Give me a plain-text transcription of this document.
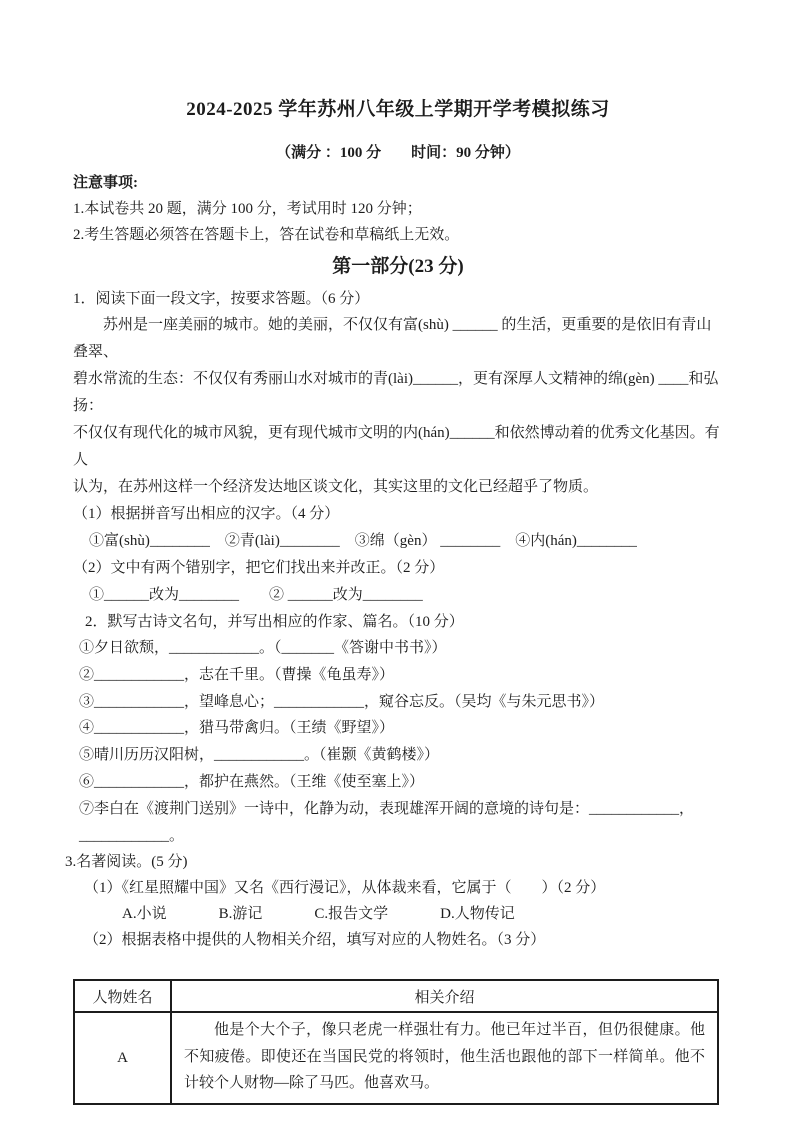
2024-2025 学年苏州八年级上学期开学考模拟练习
（满分 ：100 分　　时间：90 分钟）
注意事项:
1.本试卷共 20 题，满分 100 分，考试用时 120 分钟；
2.考生答题必须答在答题卡上，答在试卷和草稿纸上无效。
第一部分(23 分)
1．阅读下面一段文字，按要求答题。（6 分）
苏州是一座美丽的城市。她的美丽，不仅仅有富(shù) ______ 的生活，更重要的是依旧有青山叠翠、
碧水常流的生态：不仅仅有秀丽山水对城市的青(lài)______，更有深厚人文精神的绵(gèn) ____和弘扬：
不仅仅有现代化的城市风貌，更有现代城市文明的内(hán)______和依然博动着的优秀文化基因。有人
认为，在苏州这样一个经济发达地区谈文化，其实这里的文化已经超乎了物质。
（1）根据拼音写出相应的汉字。（4 分）
①富(shù)________　②青(lài)________　③绵（gèn） ________　④内(hán)________
（2）文中有两个错别字，把它们找出来并改正。（2 分）
①______改为________　　② ______改为________
2．默写古诗文名句，并写出相应的作家、篇名。（10 分）
①夕日欲颓，____________。（_______《答谢中书书》）
②____________，志在千里。（曹操《龟虽寿》）
③____________，望峰息心；____________，窥谷忘反。（吴均《与朱元思书》）
④____________，猎马带禽归。（王绩《野望》）
⑤晴川历历汉阳树，____________。（崔颢《黄鹤楼》）
⑥____________，都护在燕然。（王维《使至塞上》）
⑦李白在《渡荆门送别》一诗中，化静为动，表现雄浑开阔的意境的诗句是：____________，
____________。
3.名著阅读。(5 分)
（1）《红星照耀中国》又名《西行漫记》，从体裁来看，它属于（　　）（2 分）
A.小说	B.游记	C.报告文学	D.人物传记
（2）根据表格中提供的人物相关介绍，填写对应的人物姓名。（3 分）
人物姓名	相关介绍
A	他是个大个子，像只老虎一样强壮有力。他已年过半百，但仍很健康。他不知疲倦。即使还在当国民党的将领时，他生活也跟他的部下一样简单。他不计较个人财物—除了马匹。他喜欢马。
